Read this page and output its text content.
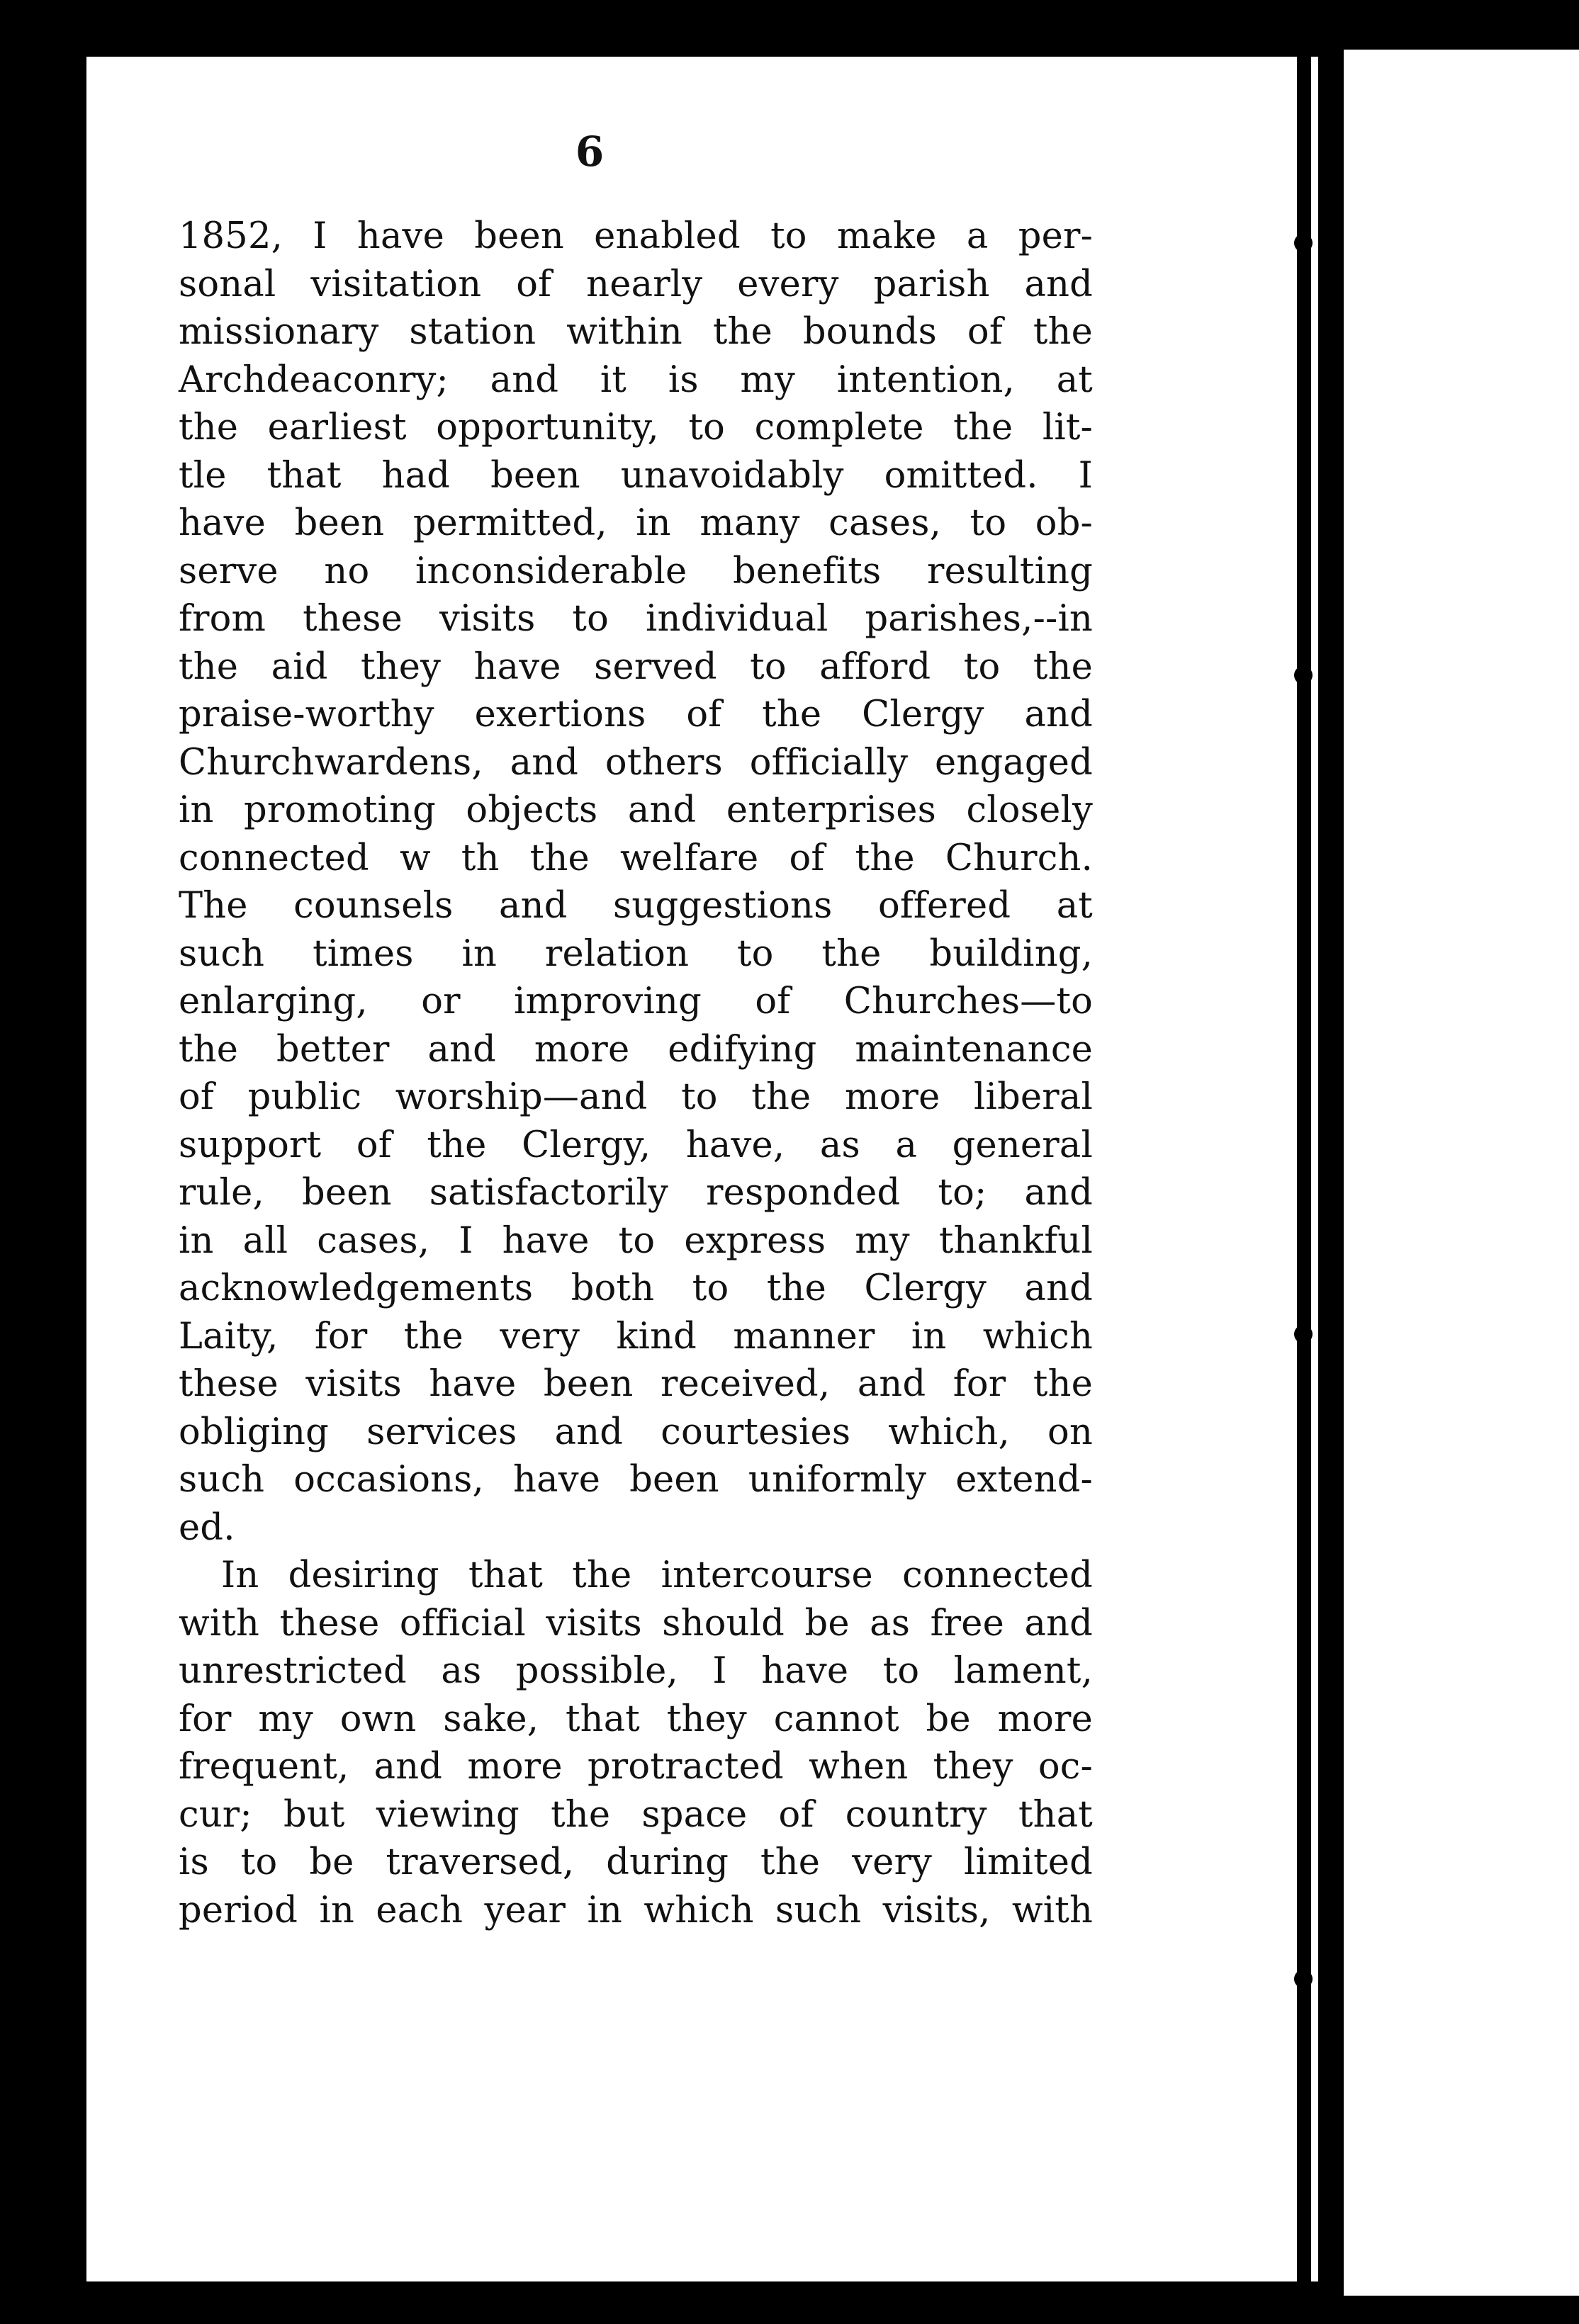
6
1852, I have been enabled to make a per-
sonal visitation of nearly every parish and
missionary station within the bounds of the
Archdeaconry; and it is my intention, at
the earliest opportunity, to complete the lit-
tle that had been unavoidably omitted. I
have been permitted, in many cases, to ob-
serve no inconsiderable benefits resulting
from these visits to individual parishes,--in
the aid they have served to afford to the
praise-worthy exertions of the Clergy and
Churchwardens, and others officially engaged
in promoting objects and enterprises closely
connected w th the welfare of the Church.
The counsels and suggestions offered at
such times in relation to the building,
enlarging, or improving of Churches—to
the better and more edifying maintenance
of public worship—and to the more liberal
support of the Clergy, have, as a general
rule, been satisfactorily responded to; and
in all cases, I have to express my thankful
acknowledgements both to the Clergy and
Laity, for the very kind manner in which
these visits have been received, and for the
obliging services and courtesies which, on
such occasions, have been uniformly extend-
ed.
In desiring that the intercourse connected
with these official visits should be as free and
unrestricted as possible, I have to lament,
for my own sake, that they cannot be more
frequent, and more protracted when they oc-
cur; but viewing the space of country that
is to be traversed, during the very limited
period in each year in which such visits, with
